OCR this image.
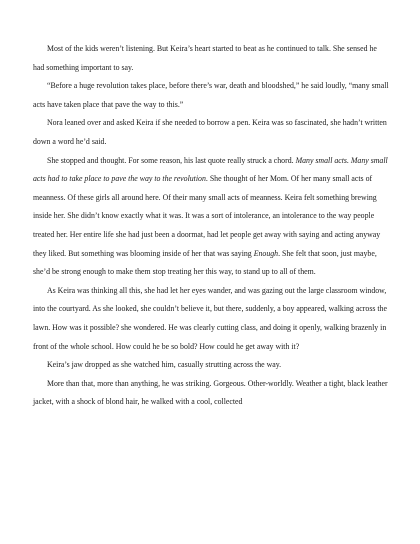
Most of the kids weren’t listening. But Keira’s heart started to beat as he continued to talk. She sensed he had something important to say.

“Before a huge revolution takes place, before there’s war, death and bloodshed,” he said loudly, “many small acts have taken place that pave the way to this.”

Nora leaned over and asked Keira if she needed to borrow a pen. Keira was so fascinated, she hadn’t written down a word he’d said.

She stopped and thought. For some reason, his last quote really struck a chord. Many small acts. Many small acts had to take place to pave the way to the revolution. She thought of her Mom. Of her many small acts of meanness. Of these girls all around here. Of their many small acts of meanness. Keira felt something brewing inside her. She didn’t know exactly what it was. It was a sort of intolerance, an intolerance to the way people treated her. Her entire life she had just been a doormat, had let people get away with saying and acting anyway they liked. But something was blooming inside of her that was saying Enough. She felt that soon, just maybe, she’d be strong enough to make them stop treating her this way, to stand up to all of them.

As Keira was thinking all this, she had let her eyes wander, and was gazing out the large classroom window, into the courtyard. As she looked, she couldn’t believe it, but there, suddenly, a boy appeared, walking across the lawn. How was it possible? she wondered. He was clearly cutting class, and doing it openly, walking brazenly in front of the whole school. How could he be so bold? How could he get away with it?

Keira’s jaw dropped as she watched him, casually strutting across the way.

More than that, more than anything, he was striking. Gorgeous. Other-worldly. Weather a tight, black leather jacket, with a shock of blond hair, he walked with a cool, collected
